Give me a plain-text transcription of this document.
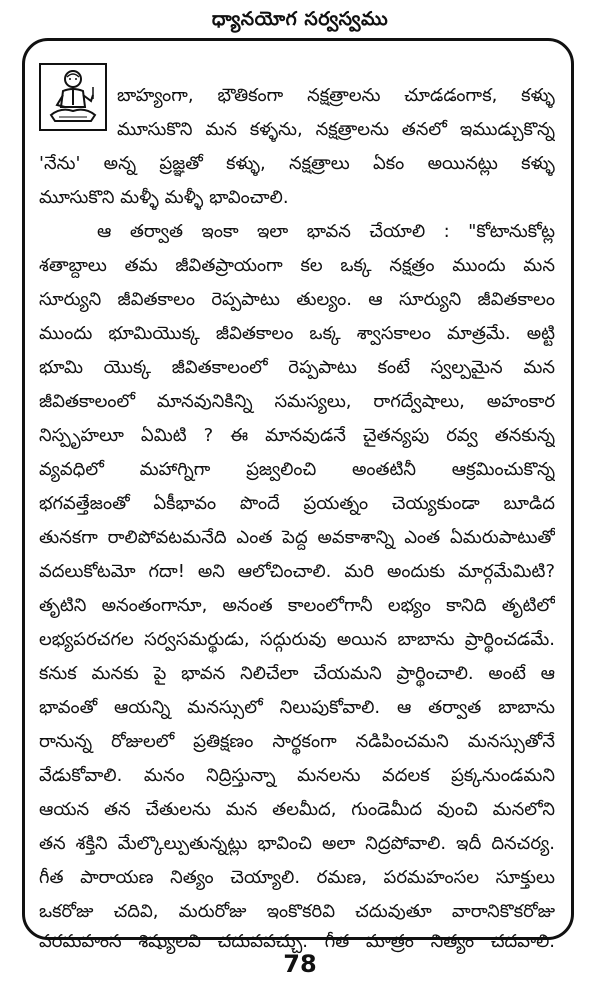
ధ్యానయోగ సర్వస్వము
బాహ్యంగా, భౌతికంగా నక్షత్రాలను చూడడంగాక, కళ్ళు
మూసుకొని మన కళ్ళను, నక్షత్రాలను తనలో ఇముడ్చుకొన్న
'నేను' అన్న ప్రజ్ఞతో కళ్ళు, నక్షత్రాలు ఏకం అయినట్లు కళ్ళు
మూసుకొని మళ్ళీ మళ్ళీ భావించాలి.
ఆ తర్వాత ఇంకా ఇలా భావన చేయాలి : "కోటానుకోట్ల
శతాబ్దాలు తమ జీవితప్రాయంగా కల ఒక్క నక్షత్రం ముందు మన
సూర్యుని జీవితకాలం రెప్పపాటు తుల్యం. ఆ సూర్యుని జీవితకాలం
ముందు భూమియొక్క జీవితకాలం ఒక్క శ్వాసకాలం మాత్రమే. అట్టి
భూమి యొక్క జీవితకాలంలో రెప్పపాటు కంటే స్వల్పమైన మన
జీవితకాలంలో మానవునికిన్ని సమస్యలు, రాగద్వేషాలు, అహంకార
నిస్పృహలూ ఏమిటి ? ఈ మానవుడనే చైతన్యపు రవ్వ తనకున్న
వ్యవధిలో మహాగ్నిగా ప్రజ్వలించి అంతటినీ ఆక్రమించుకొన్న
భగవత్తేజంతో ఏకీభావం పొందే ప్రయత్నం చెయ్యకుండా బూడిద
తునకగా రాలిపోవటమనేది ఎంత పెద్ద అవకాశాన్ని ఎంత ఏమరుపాటుతో
వదలుకోటమో గదా! అని ఆలోచించాలి. మరి అందుకు మార్గమేమిటి?
తృటిని అనంతంగానూ, అనంత కాలంలోగానీ లభ్యం కానిది తృటిలో
లభ్యపరచగల సర్వసమర్థుడు, సద్గురువు అయిన బాబాను ప్రార్థించడమే.
కనుక మనకు పై భావన నిలిచేలా చేయమని ప్రార్థించాలి. అంటే ఆ
భావంతో ఆయన్ని మనస్సులో నిలుపుకోవాలి. ఆ తర్వాత బాబాను
రానున్న రోజులలో ప్రతిక్షణం సార్థకంగా నడిపించమని మనస్సుతోనే
వేడుకోవాలి. మనం నిద్రిస్తున్నా మనలను వదలక ప్రక్కనుండమని
ఆయన తన చేతులను మన తలమీద, గుండెమీద వుంచి మనలోని
తన శక్తిని మేల్కొల్పుతున్నట్లు భావించి అలా నిద్రపోవాలి. ఇదీ దినచర్య.
గీత పారాయణ నిత్యం చెయ్యాలి. రమణ, పరమహంసల సూక్తులు
ఒకరోజు చదివి, మరురోజు ఇంకొకరివి చదువుతూ వారానికొకరోజు
వరమహంస శిష్యులవి చదువవచ్చు. గీత మాత్రం నిత్యం చదవాలి.
78
